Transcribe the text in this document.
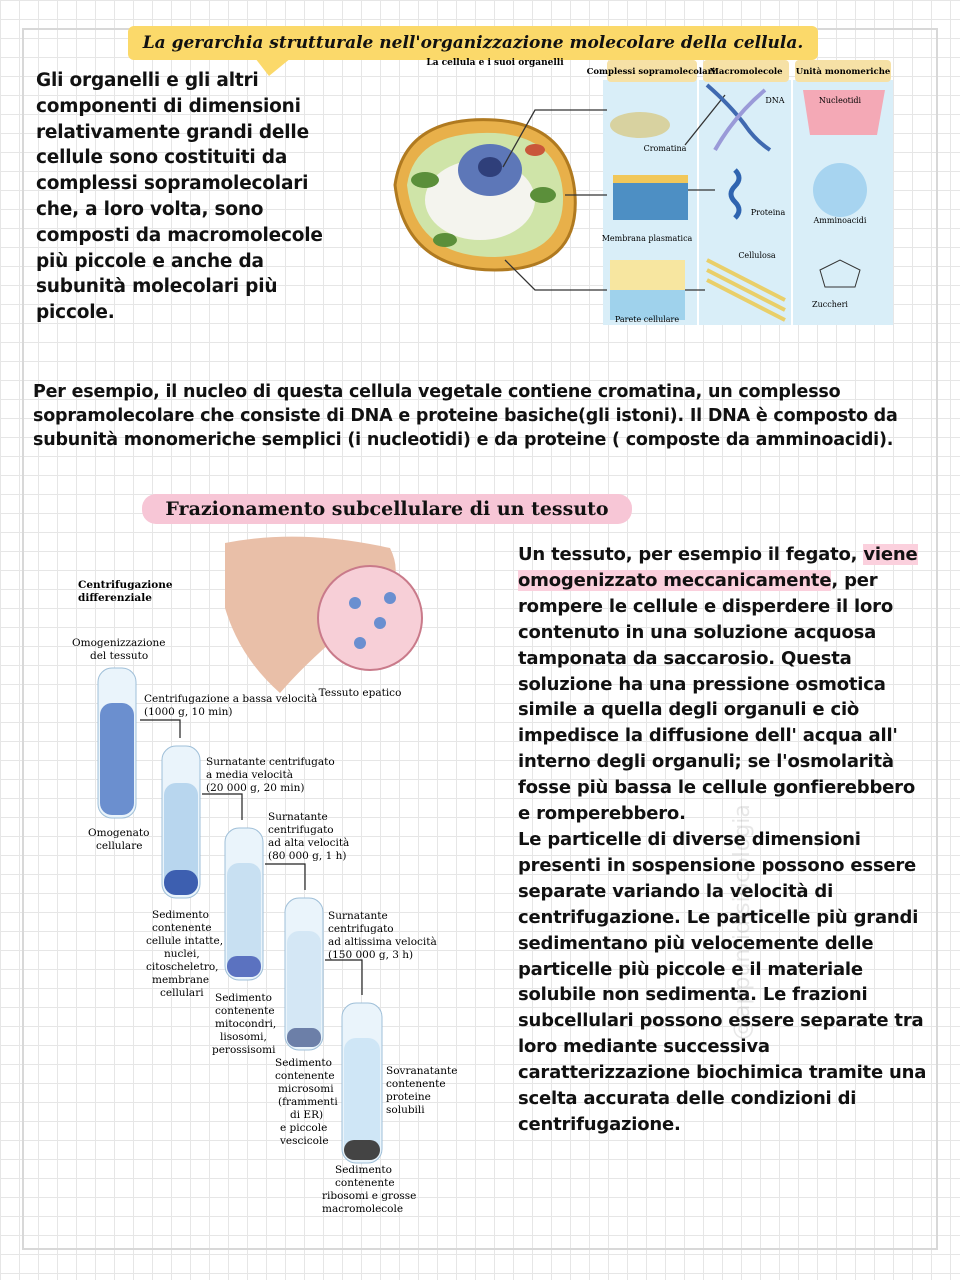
La gerarchia strutturale nell'organizzazione molecolare della cellula.
Gli organelli e gli altri componenti di dimensioni relativamente grandi delle cellule sono costituiti da complessi sopramolecolari che, a loro volta, sono composti da macromolecole più piccole e anche da subunità molecolari più piccole.
La cellula e i suoi organelli
Complessi sopramolecolari
Macromolecole Unità monomeriche
Cromatina
Membrana plasmatica
Parete cellulare
DNA
Proteina
Cellulosa
Nucleotidi
Amminoacidi
Zuccheri
Per esempio, il nucleo di questa cellula vegetale contiene cromatina, un complesso sopramolecolare che consiste di DNA e proteine basiche(gli istoni). Il DNA è composto da subunità monomeriche semplici (i nucleotidi) e da proteine ( composte da amminoacidi).
Frazionamento subcellulare di un tessuto
Tessuto epatico
Centrifugazione differenziale
Omogenizzazione del tessuto
Omogenato cellulare
Centrifugazione a bassa velocità (1000 g, 10 min)
Surnatante centrifugato a media velocità (20 000 g, 20 min)
Sedimento contenente cellule intatte, nuclei, citoscheletro, membrane cellulari
Surnatante centrifugato ad alta velocità (80 000 g, 1 h)
Sedimento contenente mitocondri, lisosomi, perossisomi
Surnatante centrifugato ad altissima velocità (150 000 g, 3 h)
Sedimento contenente microsomi (frammenti di ER) e piccole vescicole
Sovranatante contenente proteine solubili
Sedimento contenente ribosomi e grosse macromolecole
Un tessuto, per esempio il fegato, viene omogenizzato meccanicamente, per rompere le cellule e disperdere il loro contenuto in una soluzione acquosa tamponata da saccarosio. Questa soluzione ha una pressione osmotica simile a quella degli organuli e ciò impedisce la diffusione dell' acqua all' interno degli organuli; se l'osmolarità fosse più bassa le cellule gonfierebbero e romperebbero.
Le particelle di diverse dimensioni presenti in sospensione possono essere separate variando la velocità di centrifugazione. Le particelle più grandi sedimentano più velocemente delle particelle più piccole e il materiale solubile non sedimenta. Le frazioni subcellulari possono essere separate tra loro mediante successiva caratterizzazione biochimica tramite una scelta accurata delle condizioni di centrifugazione.
@appuntidisiocologia
